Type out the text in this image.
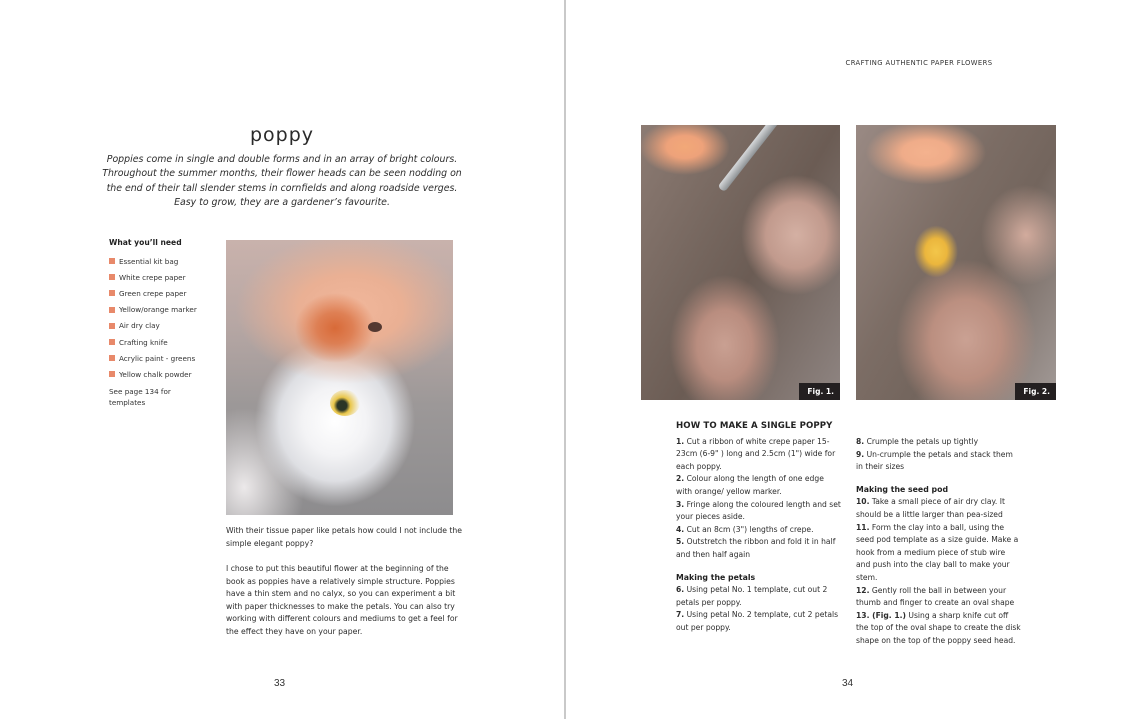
poppy

Poppies come in single and double forms and in an array of bright colours. Throughout the summer months, their flower heads can be seen nodding on the end of their tall slender stems in cornfields and along roadside verges. Easy to grow, they are a gardener’s favourite.

What you’ll need
Essential kit bag
White crepe paper
Green crepe paper
Yellow/orange marker
Air dry clay
Crafting knife
Acrylic paint - greens
Yellow chalk powder
See page 134 for templates

With their tissue paper like petals how could I not include the simple elegant poppy?

I chose to put this beautiful flower at the beginning of the book as poppies have a relatively simple structure. Poppies have a thin stem and no calyx, so you can experiment a bit with paper thicknesses to make the petals. You can also try working with different colours and mediums to get a feel for the effect they have on your paper.

33
CRAFTING AUTHENTIC PAPER FLOWERS
Fig. 1.	Fig. 2.
HOW TO MAKE A SINGLE POPPY
1. Cut a ribbon of white crepe paper 15-23cm (6-9" ) long and 2.5cm (1") wide for each poppy.
2. Colour along the length of one edge with orange/ yellow marker.
3. Fringe along the coloured length and set your pieces aside.
4. Cut an 8cm (3") lengths of crepe.
5. Outstretch the ribbon and fold it in half and then half again
Making the petals
6. Using petal No. 1 template, cut out 2 petals per poppy.
7. Using petal No. 2 template, cut 2 petals out per poppy.
8. Crumple the petals up tightly
9. Un-crumple the petals and stack them in their sizes
Making the seed pod
10. Take a small piece of air dry clay. It should be a little larger than pea-sized
11. Form the clay into a ball, using the seed pod template as a size guide. Make a hook from a medium piece of stub wire and push into the clay ball to make your stem.
12. Gently roll the ball in between your thumb and finger to create an oval shape
13. (Fig. 1.) Using a sharp knife cut off the top of the oval shape to create the disk shape on the top of the poppy seed head.
34
